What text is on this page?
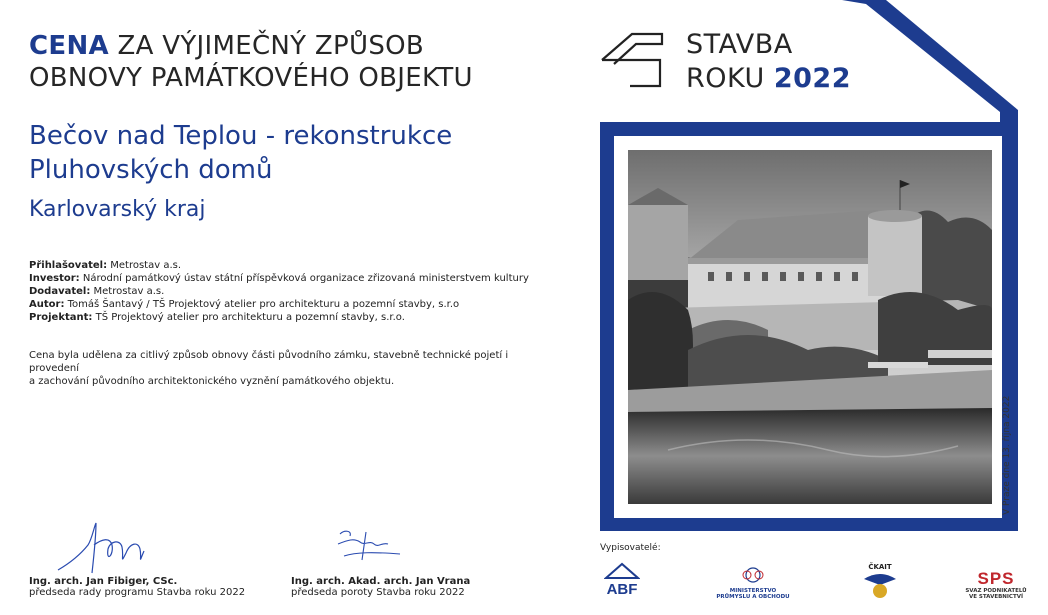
CENA ZA VÝJIMEČNÝ ZPŮSOB
OBNOVY PAMÁTKOVÉHO OBJEKTU
Bečov nad Teplou - rekonstrukce
Pluhovských domů
Karlovarský kraj
Přihlašovatel: Metrostav a.s.
Investor: Národní památkový ústav státní příspěvková organizace zřizovaná ministerstvem kultury
Dodavatel: Metrostav a.s.
Autor: Tomáš Šantavý / TŠ Projektový atelier pro architekturu a pozemní stavby, s.r.o
Projektant: TŠ Projektový atelier pro architekturu a pozemní stavby, s.r.o.
Cena byla udělena za citlivý způsob obnovy části původního zámku, stavebně technické pojetí i provedení
a zachování původního architektonického vyznění památkového objektu.
Ing. arch. Jan Fibiger, CSc.
předseda rady programu Stavba roku 2022
Ing. arch. Akad. arch. Jan Vrana
předseda poroty Stavba roku 2022
STAVBA
ROKU 2022
V Praze dne 13. října 2022
Vypisovatelé:
ABF	MINISTERSTVO
PRŮMYSLU A OBCHODU
ČKAIT
SPS
SVAZ PODNIKATELŮ
VE STAVEBNICTVÍ
